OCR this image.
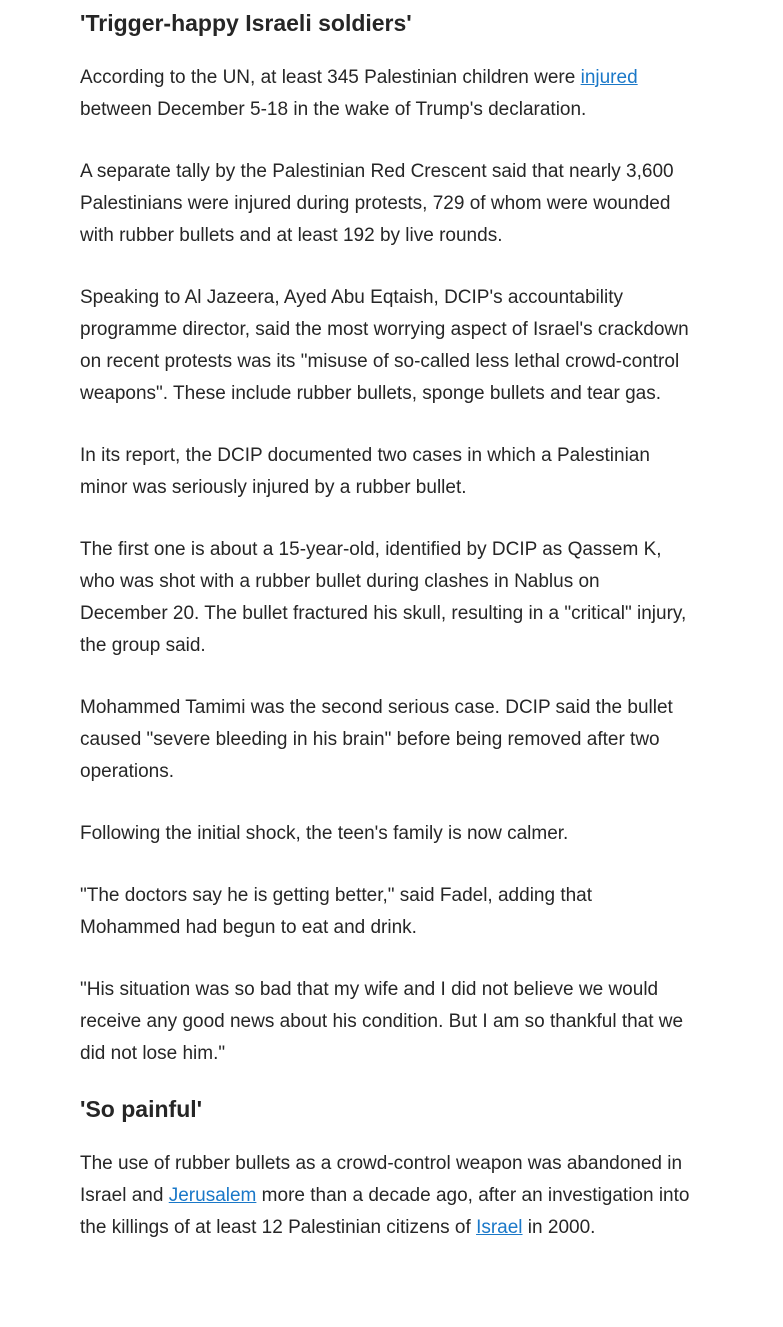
'Trigger-happy Israeli soldiers'

According to the UN, at least 345 Palestinian children were injured between December 5-18 in the wake of Trump's declaration.

A separate tally by the Palestinian Red Crescent said that nearly 3,600 Palestinians were injured during protests, 729 of whom were wounded with rubber bullets and at least 192 by live rounds.

Speaking to Al Jazeera, Ayed Abu Eqtaish, DCIP's accountability programme director, said the most worrying aspect of Israel's crackdown on recent protests was its "misuse of so-called less lethal crowd-control weapons". These include rubber bullets, sponge bullets and tear gas.

In its report, the DCIP documented two cases in which a Palestinian minor was seriously injured by a rubber bullet.

The first one is about a 15-year-old, identified by DCIP as Qassem K, who was shot with a rubber bullet during clashes in Nablus on December 20. The bullet fractured his skull, resulting in a "critical" injury, the group said.

Mohammed Tamimi was the second serious case. DCIP said the bullet caused "severe bleeding in his brain" before being removed after two operations.

Following the initial shock, the teen's family is now calmer.

"The doctors say he is getting better," said Fadel, adding that Mohammed had begun to eat and drink.

"His situation was so bad that my wife and I did not believe we would receive any good news about his condition. But I am so thankful that we did not lose him."

'So painful'

The use of rubber bullets as a crowd-control weapon was abandoned in Israel and Jerusalem more than a decade ago, after an investigation into the killings of at least 12 Palestinian citizens of Israel in 2000.
